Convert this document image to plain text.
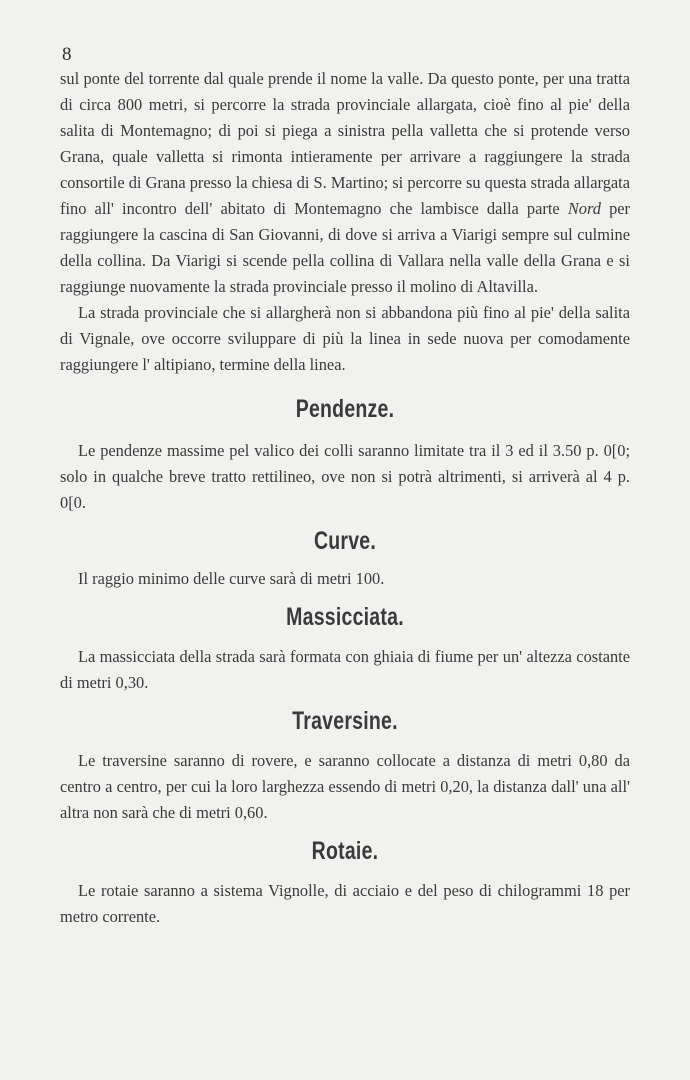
8

sul ponte del torrente dal quale prende il nome la valle. Da questo ponte, per una tratta di circa 800 metri, si percorre la strada provinciale allargata, cioè fino al pie' della salita di Montemagno; di poi si piega a sinistra pella valletta che si protende verso Grana, quale valletta si rimonta intieramente per arrivare a raggiungere la strada consortile di Grana presso la chiesa di S. Martino; si percorre su questa strada allargata fino all' incontro dell' abitato di Montemagno che lambisce dalla parte Nord per raggiungere la cascina di San Giovanni, di dove si arriva a Viarigi sempre sul culmine della collina. Da Viarigi si scende pella collina di Vallara nella valle della Grana e si raggiunge nuovamente la strada provinciale presso il molino di Altavilla.

La strada provinciale che si allargherà non si abbandona più fino al pie' della salita di Vignale, ove occorre sviluppare di più la linea in sede nuova per comodamente raggiungere l' altipiano, termine della linea.

Pendenze.

Le pendenze massime pel valico dei colli saranno limitate tra il 3 ed il 3.50 p. 0[0; solo in qualche breve tratto rettilineo, ove non si potrà altrimenti, si arriverà al 4 p. 0[0.

Curve.

Il raggio minimo delle curve sarà di metri 100.

Massicciata.

La massicciata della strada sarà formata con ghiaia di fiume per un' altezza costante di metri 0,30.

Traversine.

Le traversine saranno di rovere, e saranno collocate a distanza di metri 0,80 da centro a centro, per cui la loro larghezza essendo di metri 0,20, la distanza dall' una all' altra non sarà che di metri 0,60.

Rotaie.

Le rotaie saranno a sistema Vignolle, di acciaio e del peso di chilogrammi 18 per metro corrente.
